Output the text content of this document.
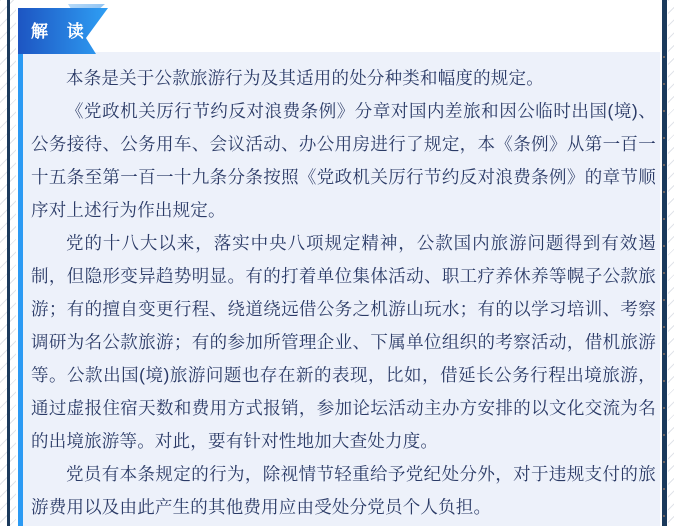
本条是关于公款旅游行为及其适用的处分种类和幅度的规定。

《党政机关厉行节约反对浪费条例》分章对国内差旅和因公临时出国(境)、公务接待、公务用车、会议活动、办公用房进行了规定，本《条例》从第一百一十五条至第一百一十九条分条按照《党政机关厉行节约反对浪费条例》的章节顺序对上述行为作出规定。

党的十八大以来，落实中央八项规定精神，公款国内旅游问题得到有效遏制，但隐形变异趋势明显。有的打着单位集体活动、职工疗养休养等幌子公款旅游；有的擅自变更行程、绕道绕远借公务之机游山玩水；有的以学习培训、考察调研为名公款旅游；有的参加所管理企业、下属单位组织的考察活动，借机旅游等。公款出国(境)旅游问题也存在新的表现，比如，借延长公务行程出境旅游，通过虚报住宿天数和费用方式报销，参加论坛活动主办方安排的以文化交流为名的出境旅游等。对此，要有针对性地加大查处力度。

党员有本条规定的行为，除视情节轻重给予党纪处分外，对于违规支付的旅游费用以及由此产生的其他费用应由受处分党员个人负担。

解 读
